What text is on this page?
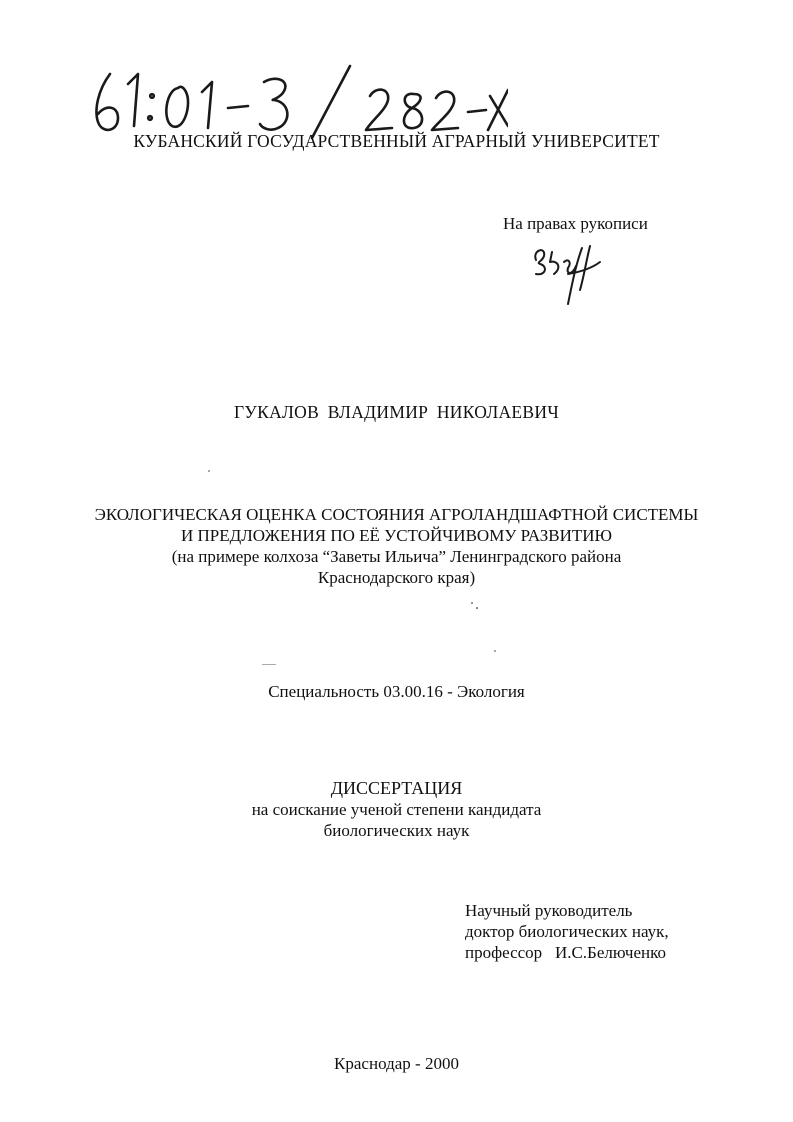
КУБАНСКИЙ ГОСУДАРСТВЕННЫЙ АГРАРНЫЙ УНИВЕРСИТЕТ
На правах рукописи
ГУКАЛОВ ВЛАДИМИР НИКОЛАЕВИЧ
ЭКОЛОГИЧЕСКАЯ ОЦЕНКА СОСТОЯНИЯ АГРОЛАНДШАФТНОЙ СИСТЕМЫ
И ПРЕДЛОЖЕНИЯ ПО ЕЁ УСТОЙЧИВОМУ РАЗВИТИЮ
(на примере колхоза “Заветы Ильича” Ленинградского района
Краснодарского края)
Специальность 03.00.16 - Экология
ДИССЕРТАЦИЯ
на соискание ученой степени кандидата
биологических наук
Научный руководитель
доктор биологических наук,
профессор И.С.Белюченко
Краснодар - 2000
